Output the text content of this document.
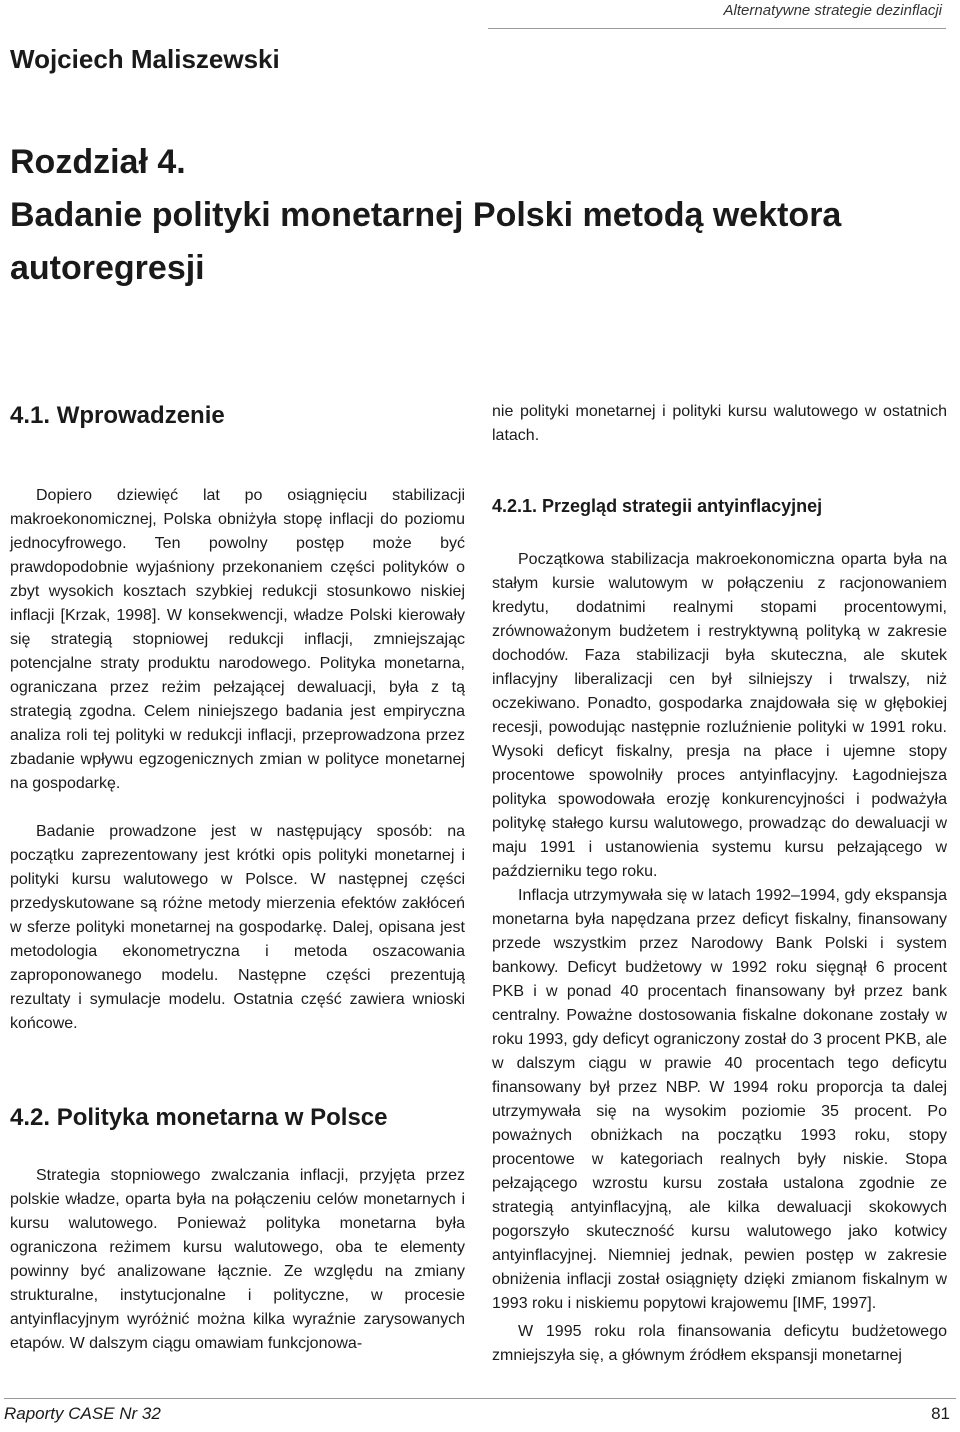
Alternatywne strategie dezinflacji
Wojciech Maliszewski
Rozdział 4.
Badanie polityki monetarnej Polski metodą wektora
autoregresji
4.1. Wprowadzenie

Dopiero dziewięć lat po osiągnięciu stabilizacji makroekonomicznej, Polska obniżyła stopę inflacji do poziomu jednocyfrowego. Ten powolny postęp może być prawdopodobnie wyjaśniony przekonaniem części polityków o zbyt wysokich kosztach szybkiej redukcji stosunkowo niskiej inflacji [Krzak, 1998]. W konsekwencji, władze Polski kierowały się strategią stopniowej redukcji inflacji, zmniejszając potencjalne straty produktu narodowego. Polityka monetarna, ograniczana przez reżim pełzającej dewaluacji, była z tą strategią zgodna. Celem niniejszego badania jest empiryczna analiza roli tej polityki w redukcji inflacji, przeprowadzona przez zbadanie wpływu egzogenicznych zmian w polityce monetarnej na gospodarkę.

Badanie prowadzone jest w następujący sposób: na początku zaprezentowany jest krótki opis polityki monetarnej i polityki kursu walutowego w Polsce. W następnej części przedyskutowane są różne metody mierzenia efektów zakłóceń w sferze polityki monetarnej na gospodarkę. Dalej, opisana jest metodologia ekonometryczna i metoda oszacowania zaproponowanego modelu. Następne części prezentują rezultaty i symulacje modelu. Ostatnia część zawiera wnioski końcowe.

4.2. Polityka monetarna w Polsce

Strategia stopniowego zwalczania inflacji, przyjęta przez polskie władze, oparta była na połączeniu celów monetarnych i kursu walutowego. Ponieważ polityka monetarna była ograniczona reżimem kursu walutowego, oba te elementy powinny być analizowane łącznie. Ze względu na zmiany strukturalne, instytucjonalne i polityczne, w procesie antyinflacyjnym wyróżnić można kilka wyraźnie zarysowanych etapów. W dalszym ciągu omawiam funkcjonowa-

nie polityki monetarnej i polityki kursu walutowego w ostatnich latach.

4.2.1. Przegląd strategii antyinflacyjnej

Początkowa stabilizacja makroekonomiczna oparta była na stałym kursie walutowym w połączeniu z racjonowaniem kredytu, dodatnimi realnymi stopami procentowymi, zrównoważonym budżetem i restryktywną polityką w zakresie dochodów. Faza stabilizacji była skuteczna, ale skutek inflacyjny liberalizacji cen był silniejszy i trwalszy, niż oczekiwano. Ponadto, gospodarka znajdowała się w głębokiej recesji, powodując następnie rozluźnienie polityki w 1991 roku. Wysoki deficyt fiskalny, presja na płace i ujemne stopy procentowe spowolniły proces antyinflacyjny. Łagodniejsza polityka spowodowała erozję konkurencyjności i podważyła politykę stałego kursu walutowego, prowadząc do dewaluacji w maju 1991 i ustanowienia systemu kursu pełzającego w październiku tego roku.

Inflacja utrzymywała się w latach 1992–1994, gdy ekspansja monetarna była napędzana przez deficyt fiskalny, finansowany przede wszystkim przez Narodowy Bank Polski i system bankowy. Deficyt budżetowy w 1992 roku sięgnął 6 procent PKB i w ponad 40 procentach finansowany był przez bank centralny. Poważne dostosowania fiskalne dokonane zostały w roku 1993, gdy deficyt ograniczony został do 3 procent PKB, ale w dalszym ciągu w prawie 40 procentach tego deficytu finansowany był przez NBP. W 1994 roku proporcja ta dalej utrzymywała się na wysokim poziomie 35 procent. Po poważnych obniżkach na początku 1993 roku, stopy procentowe w kategoriach realnych były niskie. Stopa pełzającego wzrostu kursu została ustalona zgodnie ze strategią antyinflacyjną, ale kilka dewaluacji skokowych pogorszyło skuteczność kursu walutowego jako kotwicy antyinflacyjnej. Niemniej jednak, pewien postęp w zakresie obniżenia inflacji został osiągnięty dzięki zmianom fiskalnym w 1993 roku i niskiemu popytowi krajowemu [IMF, 1997].

W 1995 roku rola finansowania deficytu budżetowego zmniejszyła się, a głównym źródłem ekspansji monetarnej

Raporty CASE Nr 32	81
